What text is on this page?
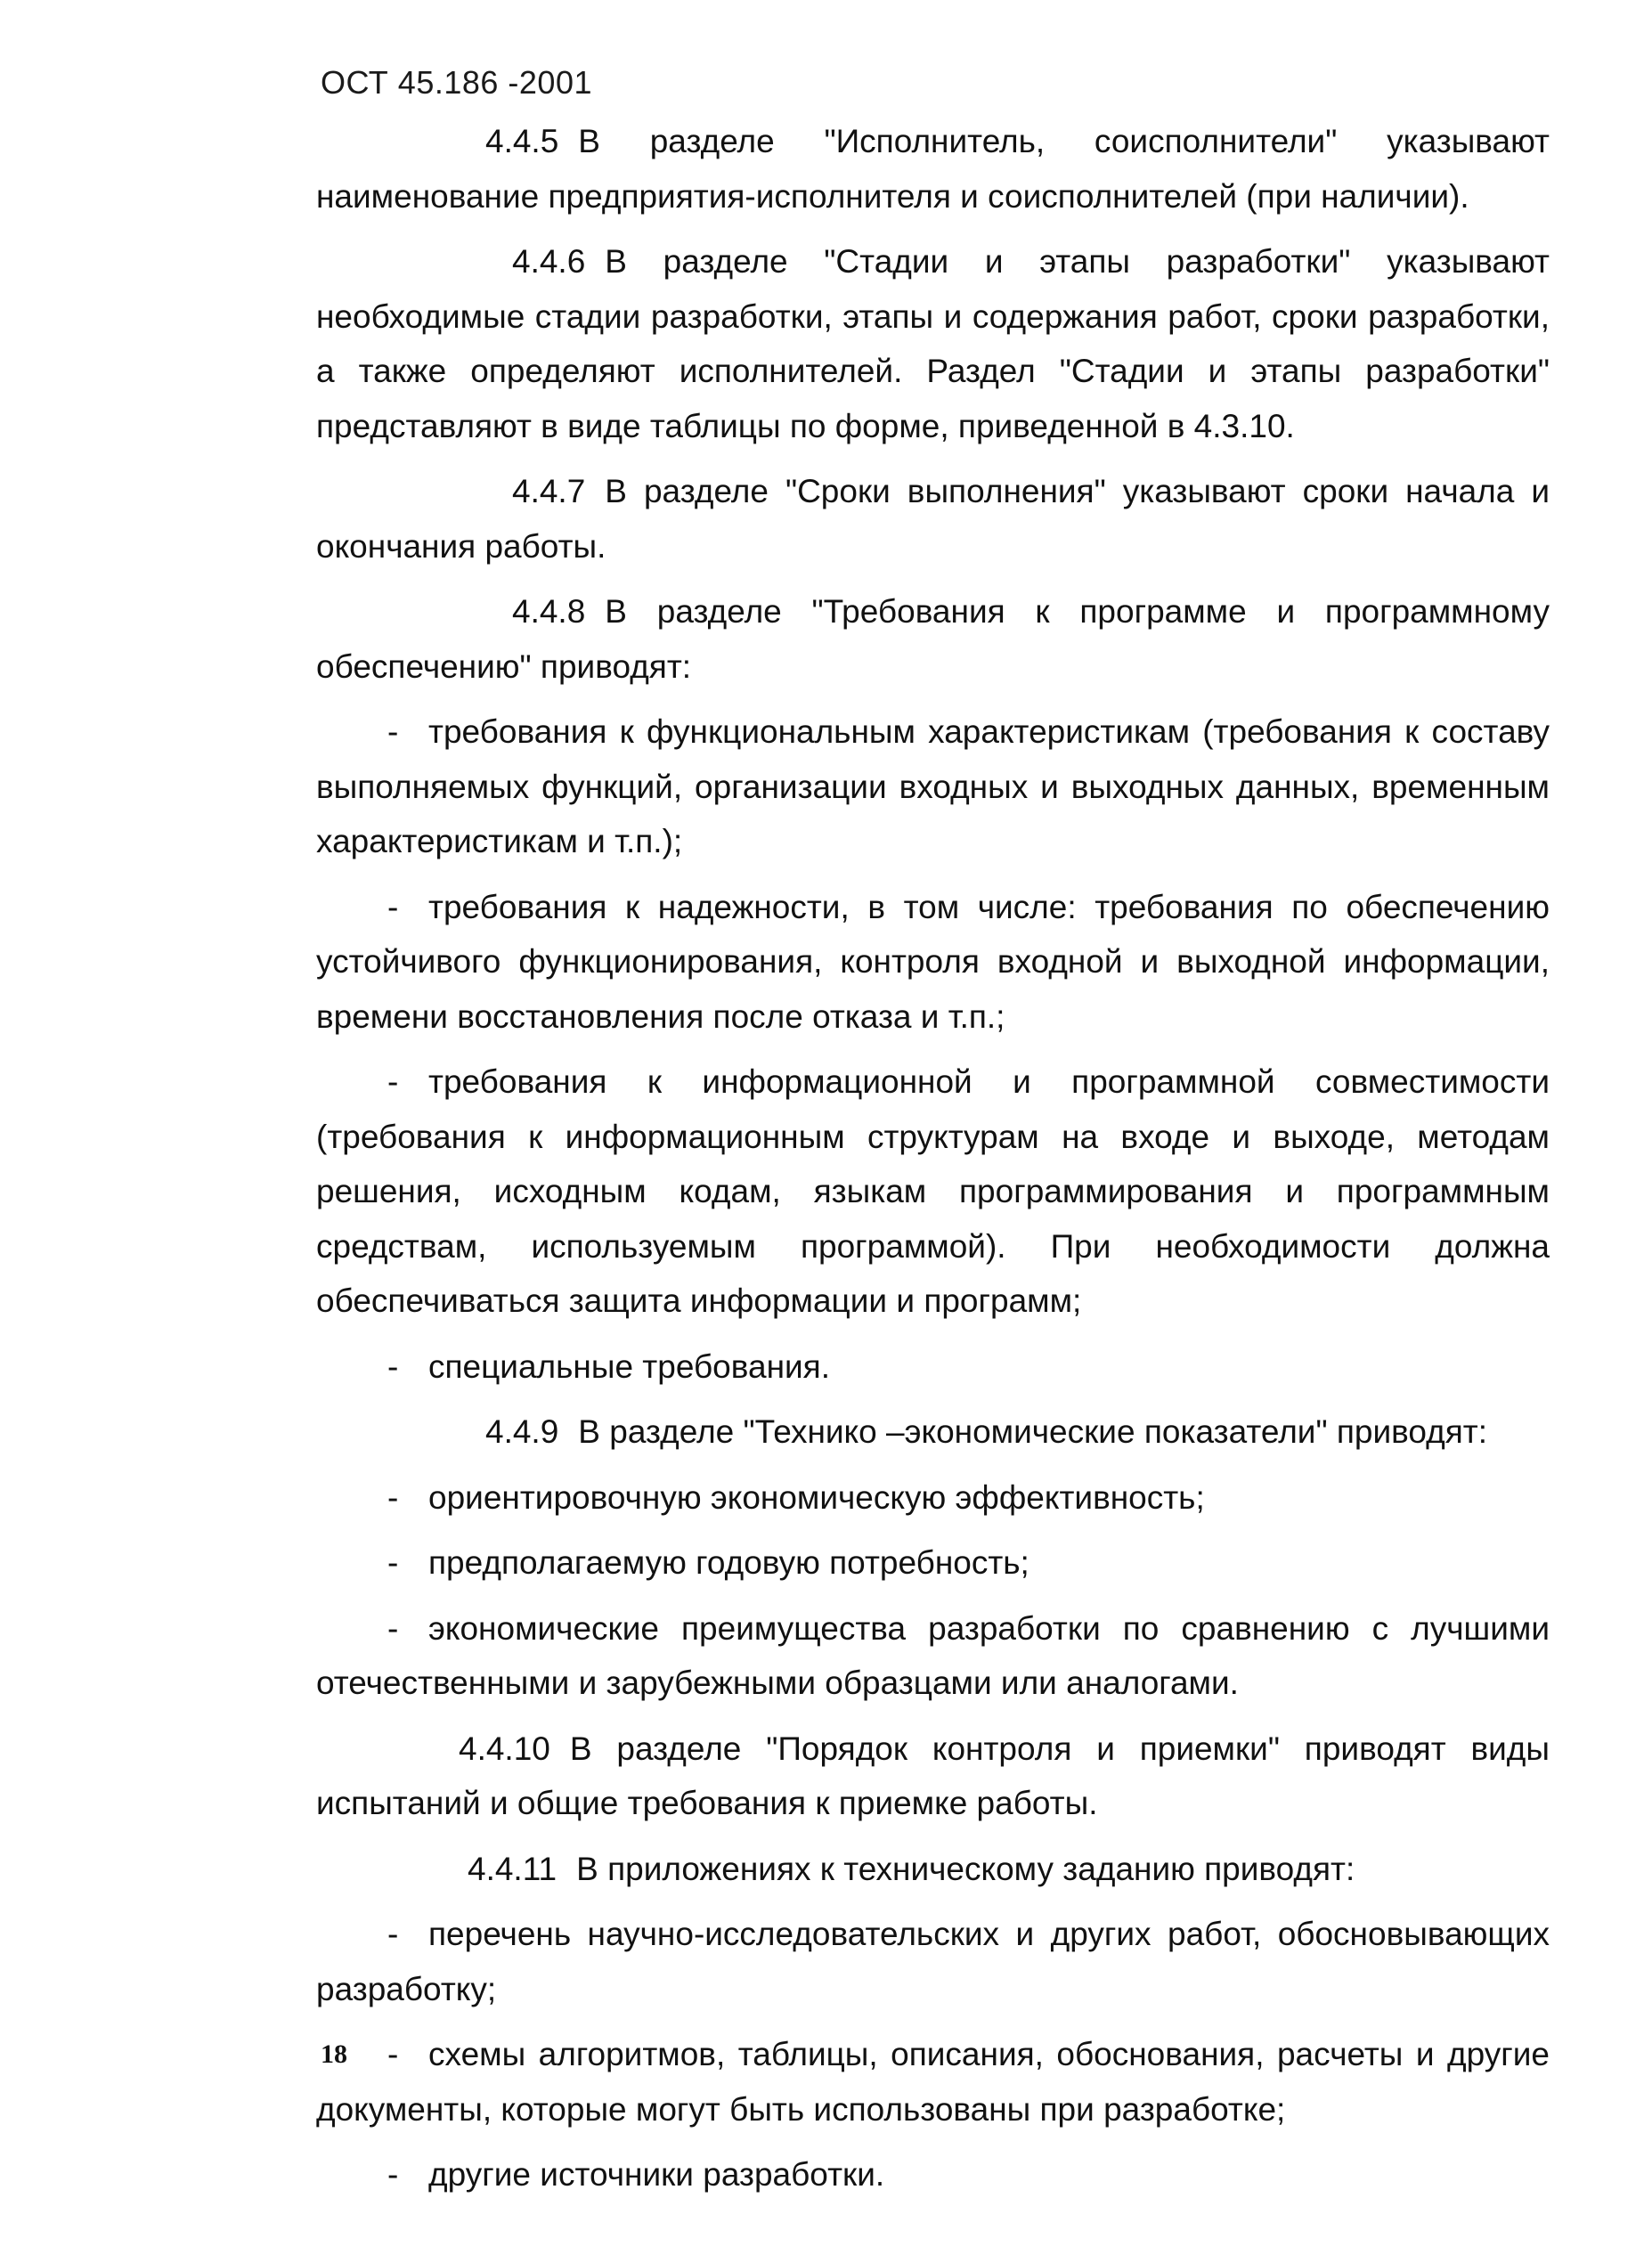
ОСТ 45.186 -2001

4.4.5 В разделе "Исполнитель, соисполнители" указывают наименование предприятия-исполнителя и соисполнителей (при наличии).

4.4.6 В разделе "Стадии и этапы разработки" указывают необходимые стадии разработки, этапы и содержания работ, сроки разработки, а также определяют исполнителей. Раздел "Стадии и этапы разработки" представляют в виде таблицы по форме, приведенной в 4.3.10.

4.4.7 В разделе "Сроки выполнения" указывают сроки начала и окончания работы.

4.4.8 В разделе "Требования к программе и программному обеспечению" приводят:

- требования к функциональным характеристикам (требования к составу выполняемых функций, организации входных и выходных данных, временным характеристикам и т.п.);

- требования к надежности, в том числе: требования по обеспечению устойчивого функционирования, контроля входной и выходной информации, времени восстановления после отказа и т.п.;

- требования к информационной и программной совместимости (требования к информационным структурам на входе и выходе, методам решения, исходным кодам, языкам программирования и программным средствам, используемым программой). При необходимости должна обеспечиваться защита информации и программ;

- специальные требования.

4.4.9 В разделе "Технико –экономические показатели" приводят:

- ориентировочную экономическую эффективность;

- предполагаемую годовую потребность;

- экономические преимущества разработки по сравнению с лучшими отечественными и зарубежными образцами или аналогами.

4.4.10 В разделе "Порядок контроля и приемки" приводят виды испытаний и общие требования к приемке работы.

4.4.11 В приложениях к техническому заданию приводят:

- перечень научно-исследовательских и других работ, обосновывающих разработку;

- схемы алгоритмов, таблицы, описания, обоснования, расчеты и другие документы, которые могут быть использованы при разработке;

- другие источники разработки.

18
